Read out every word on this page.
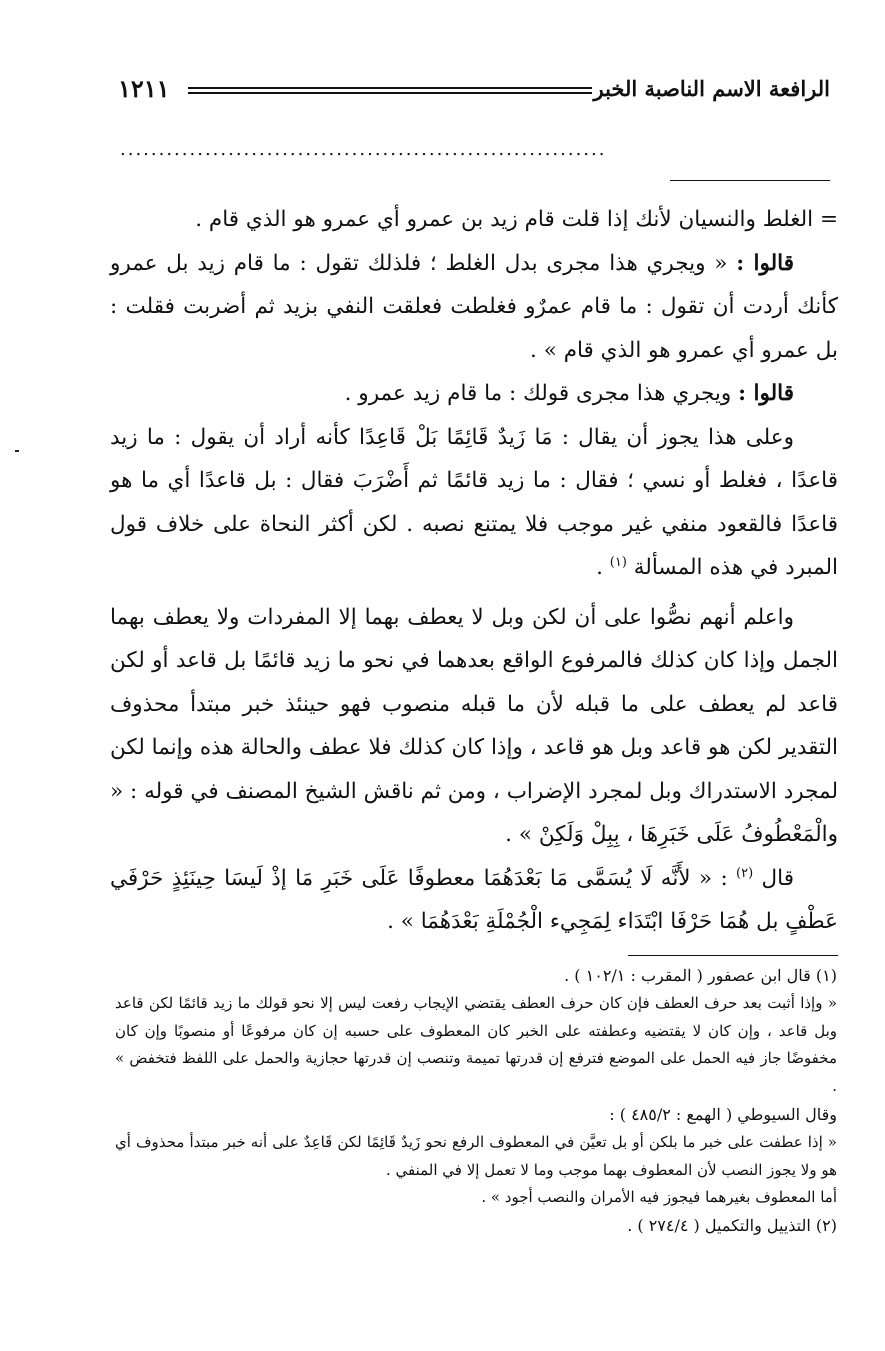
الرافعة الاسم الناصبة الخبر
١٢١١
...............................................................

= الغلط والنسيان لأنك إذا قلت قام زيد بن عمرو أي عمرو هو الذي قام .

قالوا : « ويجري هذا مجرى بدل الغلط ؛ فلذلك تقول : ما قام زيد بل عمرو كأنك أردت أن تقول : ما قام عمرٌو فغلطت فعلقت النفي بزيد ثم أضربت فقلت : بل عمرو أي عمرو هو الذي قام » .

قالوا : ويجري هذا مجرى قولك : ما قام زيد عمرو .

وعلى هذا يجوز أن يقال : مَا زَيدٌ قَائِمًا بَلْ قَاعِدًا كأنه أراد أن يقول : ما زيد قاعدًا ، فغلط أو نسي ؛ فقال : ما زيد قائمًا ثم أَضْرَبَ فقال : بل قاعدًا أي ما هو قاعدًا فالقعود منفي غير موجب فلا يمتنع نصبه . لكن أكثر النحاة على خلاف قول المبرد في هذه المسألة $^{(١)}$ .

واعلم أنهم نصُّوا على أن لكن وبل لا يعطف بهما إلا المفردات ولا يعطف بهما الجمل وإذا كان كذلك فالمرفوع الواقع بعدهما في نحو ما زيد قائمًا بل قاعد أو لكن قاعد لم يعطف على ما قبله لأن ما قبله منصوب فهو حينئذ خبر مبتدأ محذوف التقدير لكن هو قاعد وبل هو قاعد ، وإذا كان كذلك فلا عطف والحالة هذه وإنما لكن لمجرد الاستدراك وبل لمجرد الإضراب ، ومن ثم ناقش الشيخ المصنف في قوله : « والْمَعْطُوفُ عَلَى خَبَرِهَا ، بِبِلْ وَلَكِنْ » .

قال $^{(٢)}$ : « لأَنَّه لَا يُسَمَّى مَا بَعْدَهُمَا معطوفًا عَلَى خَبَرِ مَا إذْ لَيسَا حِينَئِذٍ حَرْفَي عَطْفٍ بل هُمَا حَرْفَا ابْتَدَاء لِمَجِيء الْجُمْلَةِ بَعْدَهُمَا » .

(١) قال ابن عصفور ( المقرب : ١٠٢/١ ) .

« وإذا أثبت بعد حرف العطف فإن كان حرف العطف يقتضي الإيجاب رفعت ليس إلا نحو قولك ما زيد قائمًا لكن قاعد وبل قاعد ، وإن كان لا يقتضيه وعطفته على الخبر كان المعطوف على حسبه إن كان مرفوعًا أو منصوبًا وإن كان مخفوضًا جاز فيه الحمل على الموضع فترفع إن قدرتها تميمة وتنصب إن قدرتها حجازية والحمل على اللفظ فتخفض » .

وقال السيوطي ( الهمع : ٤٨٥/٢ ) :

« إذا عطفت على خبر ما بلكن أو بل تعيَّن في المعطوف الرفع نحو زَيدٌ قَائِمًا لكن قَاعِدٌ على أنه خبر مبتدأ محذوف أي هو ولا يجوز النصب لأن المعطوف بهما موجب وما لا تعمل إلا في المنفي .

أما المعطوف بغيرهما فيجوز فيه الأمران والنصب أجود » .

(٢) التذييل والتكميل ( ٢٧٤/٤ ) .
